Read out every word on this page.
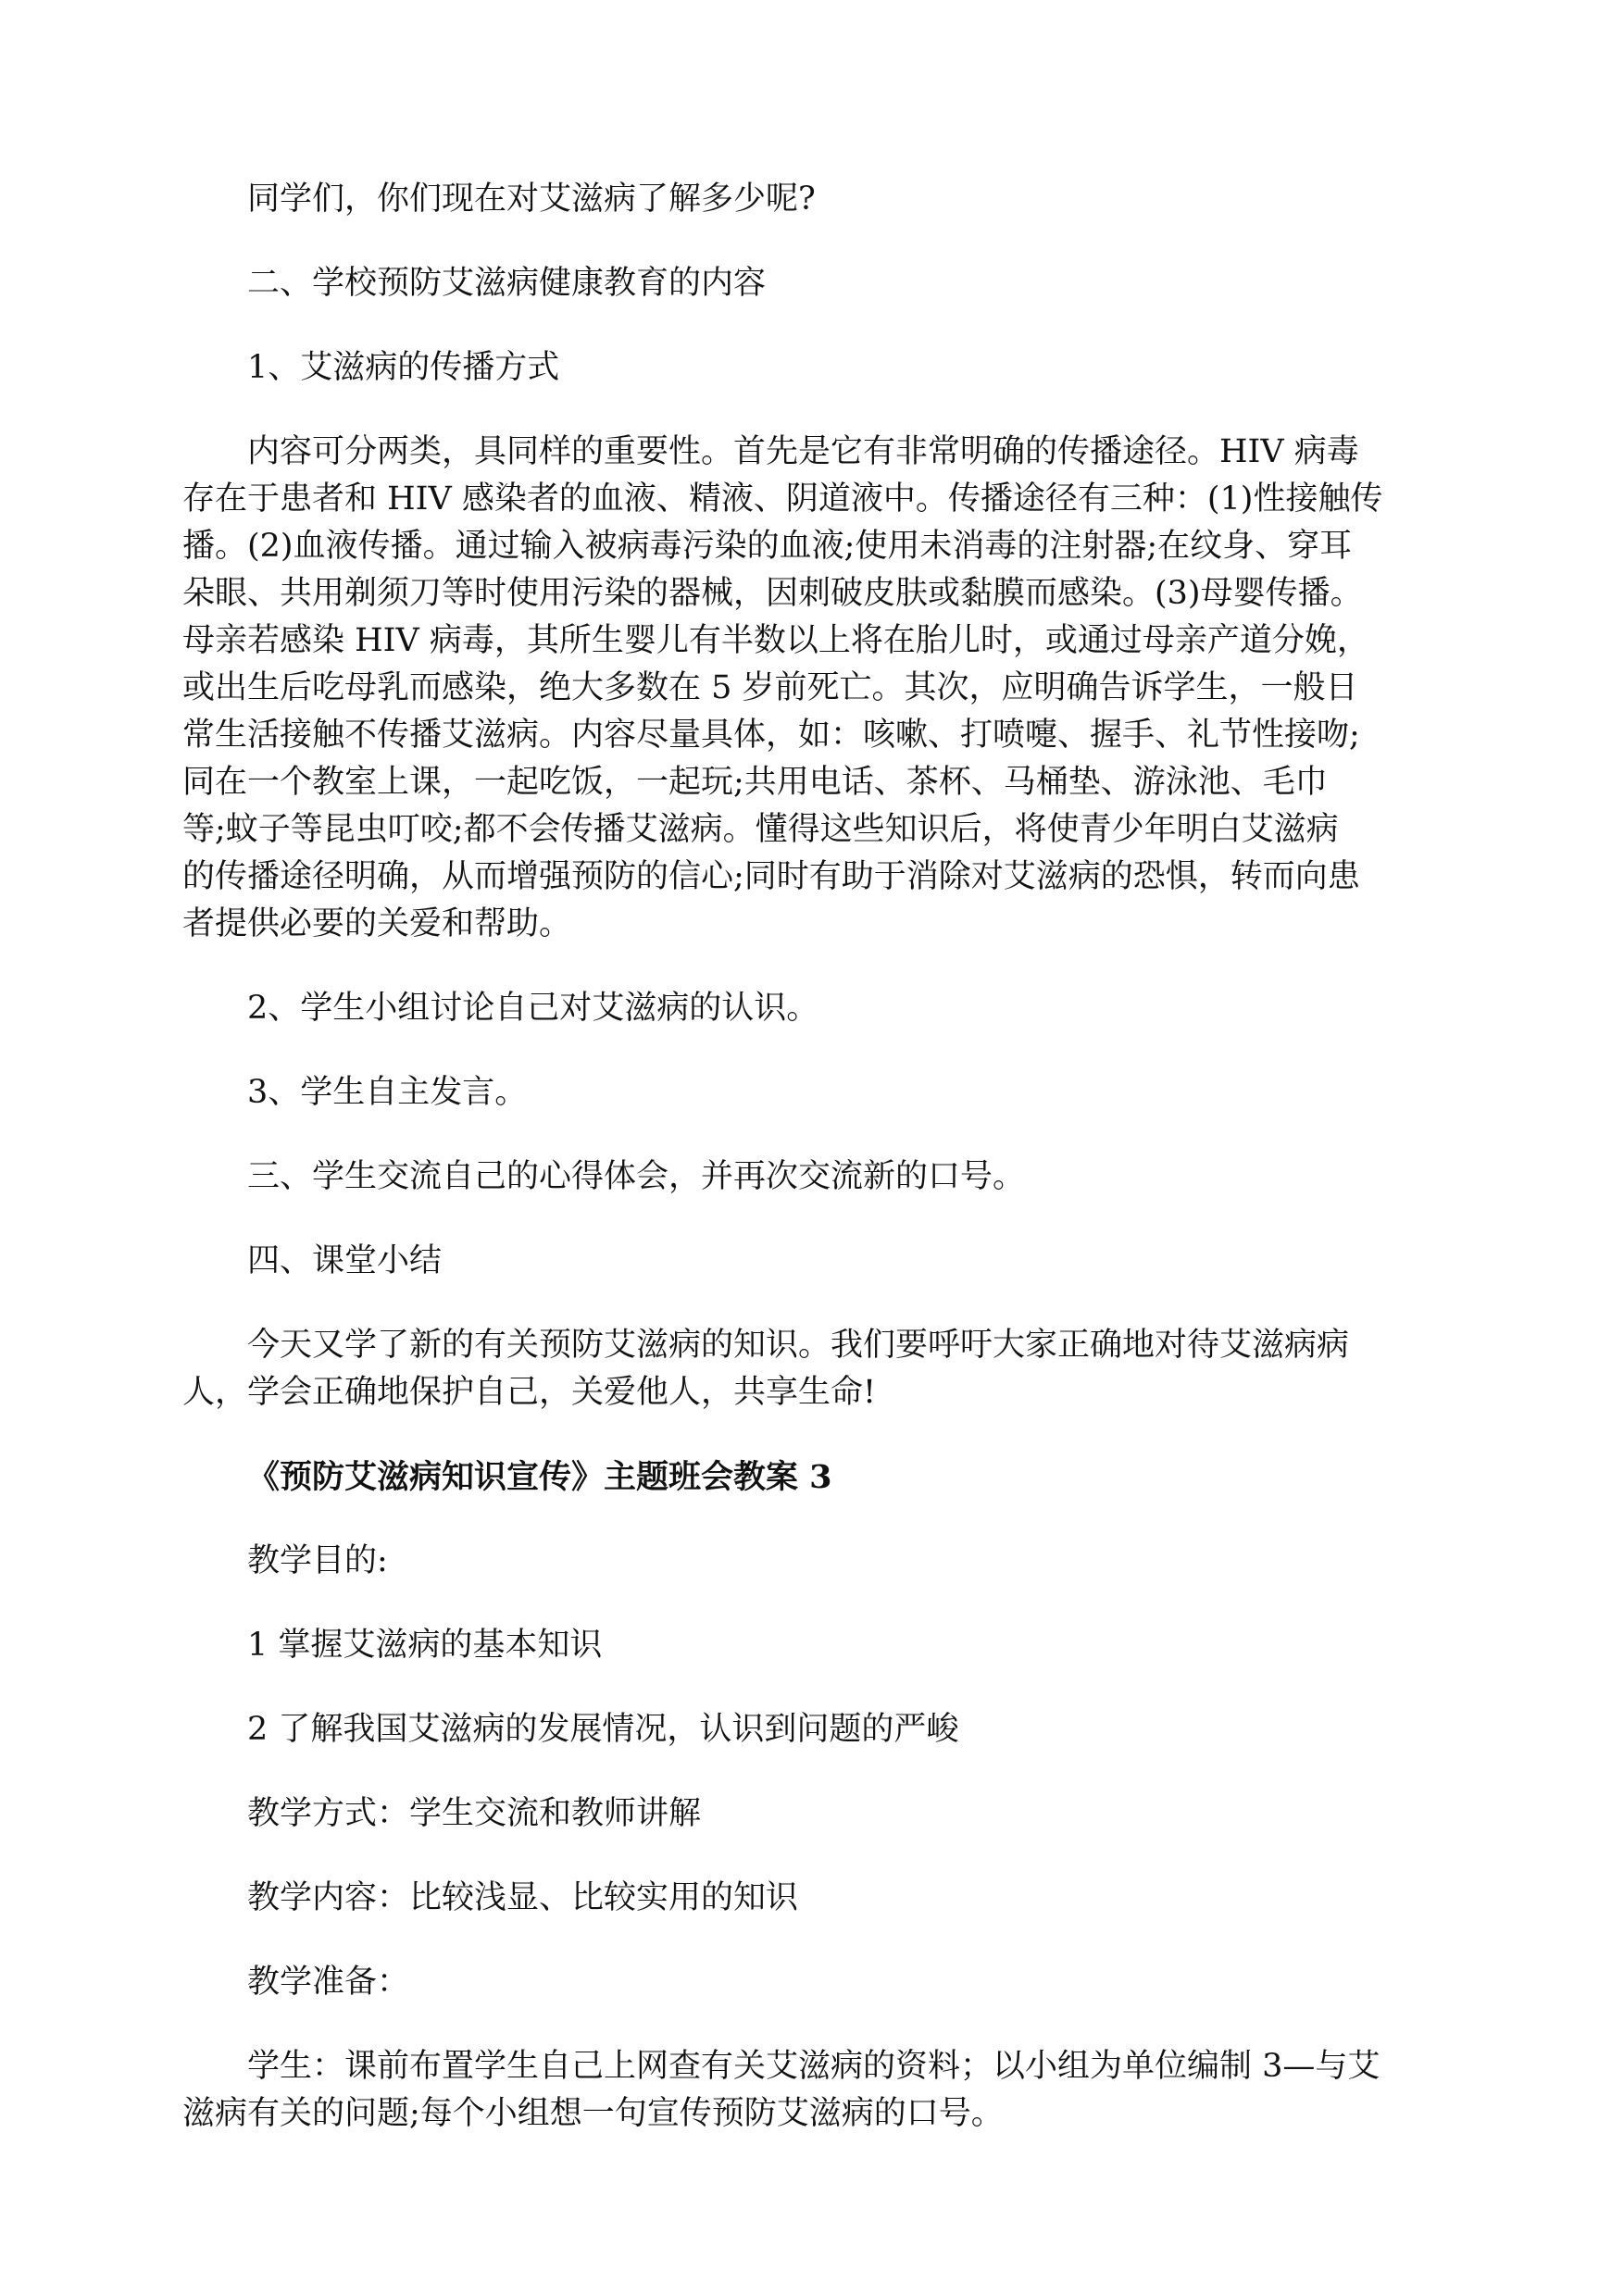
同学们，你们现在对艾滋病了解多少呢?
二、学校预防艾滋病健康教育的内容
1、艾滋病的传播方式
内容可分两类，具同样的重要性。首先是它有非常明确的传播途径。HIV 病毒
存在于患者和 HIV 感染者的血液、精液、阴道液中。传播途径有三种：(1)性接触传
播。(2)血液传播。通过输入被病毒污染的血液;使用未消毒的注射器;在纹身、穿耳
朵眼、共用剃须刀等时使用污染的器械，因刺破皮肤或黏膜而感染。(3)母婴传播。
母亲若感染 HIV 病毒，其所生婴儿有半数以上将在胎儿时，或通过母亲产道分娩，
或出生后吃母乳而感染，绝大多数在 5 岁前死亡。其次，应明确告诉学生，一般日
常生活接触不传播艾滋病。内容尽量具体，如：咳嗽、打喷嚏、握手、礼节性接吻;
同在一个教室上课，一起吃饭，一起玩;共用电话、茶杯、马桶垫、游泳池、毛巾
等;蚊子等昆虫叮咬;都不会传播艾滋病。懂得这些知识后，将使青少年明白艾滋病
的传播途径明确，从而增强预防的信心;同时有助于消除对艾滋病的恐惧，转而向患
者提供必要的关爱和帮助。
2、学生小组讨论自己对艾滋病的认识。
3、学生自主发言。
三、学生交流自己的心得体会，并再次交流新的口号。
四、课堂小结
今天又学了新的有关预防艾滋病的知识。我们要呼吁大家正确地对待艾滋病病
人，学会正确地保护自己，关爱他人，共享生命!
《预防艾滋病知识宣传》主题班会教案 3
教学目的:
1 掌握艾滋病的基本知识
2 了解我国艾滋病的发展情况，认识到问题的严峻
教学方式：学生交流和教师讲解
教学内容：比较浅显、比较实用的知识
教学准备：
学生：课前布置学生自己上网查有关艾滋病的资料；以小组为单位编制 3—与艾
滋病有关的问题;每个小组想一句宣传预防艾滋病的口号。
